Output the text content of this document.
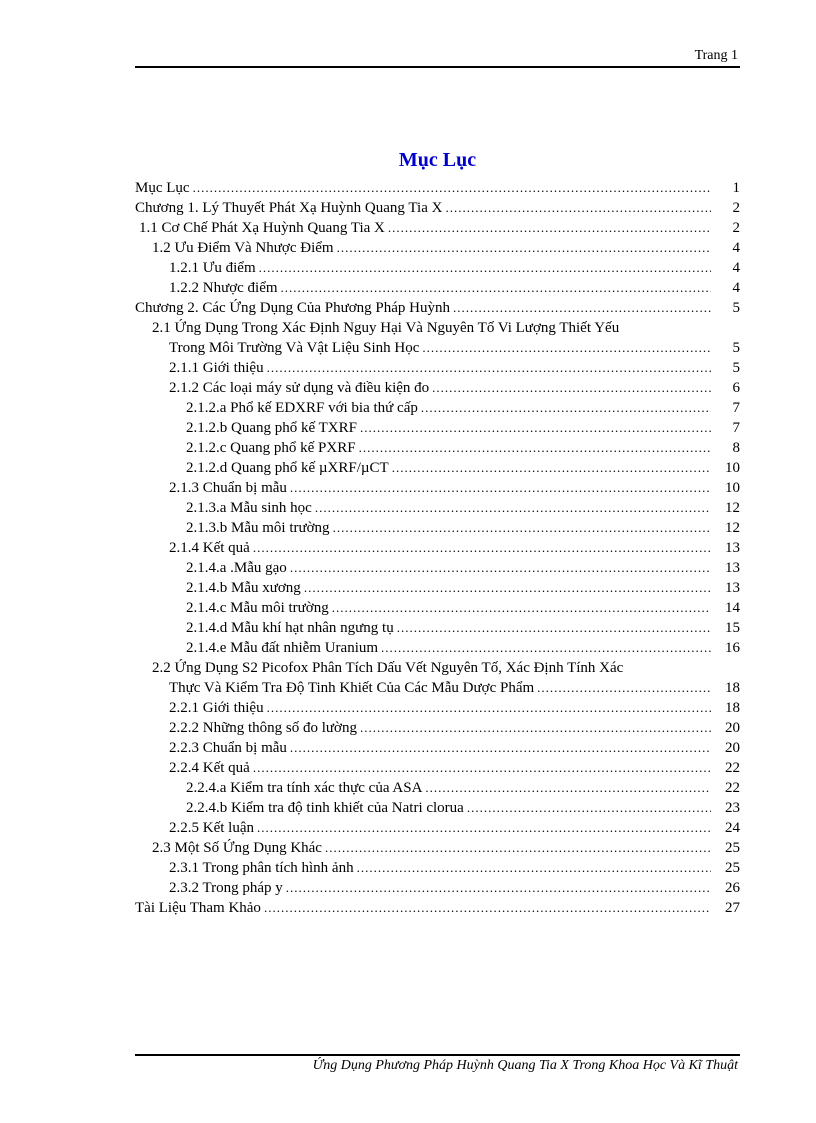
Trang 1
Mục Lục
Mục Lục .....	1
Chương 1. Lý Thuyết Phát Xạ Huỳnh Quang Tia X .....	2
1.1 Cơ Chế Phát Xạ Huỳnh Quang Tia X .....	2
1.2 Ưu Điểm Và Nhược Điểm .....	4
1.2.1 Ưu điểm .....	4
1.2.2 Nhược điểm .....	4
Chương 2. Các Ứng Dụng Của Phương Pháp Huỳnh .....	5
2.1 Ứng Dụng Trong Xác Định Nguy Hại Và Nguyên Tố Vi Lượng Thiết Yếu
Trong Môi Trường Và Vật Liệu Sinh Học .....	5
2.1.1 Giới thiệu .....	5
2.1.2 Các loại máy sử dụng và điều kiện đo .....	6
2.1.2.a Phổ kế EDXRF với bia thứ cấp .....	7
2.1.2.b Quang phổ kế TXRF .....	7
2.1.2.c Quang phổ kế PXRF .....	8
2.1.2.d Quang phổ kế µXRF/µCT .....	10
2.1.3 Chuẩn bị mẫu .....	10
2.1.3.a Mẫu sinh học .....	12
2.1.3.b Mẫu môi trường .....	12
2.1.4 Kết quả .....	13
2.1.4.a .Mẫu gạo .....	13
2.1.4.b Mẫu xương .....	13
2.1.4.c Mẫu môi trường .....	14
2.1.4.d Mẫu khí hạt nhân ngưng tụ .....	15
2.1.4.e Mẫu đất nhiễm Uranium .....	16
2.2 Ứng Dụng S2 Picofox Phân Tích Dấu Vết Nguyên Tố, Xác Định Tính Xác
Thực Và Kiểm Tra Độ Tinh Khiết Của Các Mẫu Dược Phẩm .....	18
2.2.1 Giới thiệu .....	18
2.2.2 Những thông số đo lường .....	20
2.2.3 Chuẩn bị mẫu .....	20
2.2.4 Kết quả .....	22
2.2.4.a Kiểm tra tính xác thực của ASA .....	22
2.2.4.b Kiểm tra độ tinh khiết của Natri clorua .....	23
2.2.5 Kết luận .....	24
2.3 Một Số Ứng Dụng Khác .....	25
2.3.1 Trong phân tích hình ảnh .....	25
2.3.2 Trong pháp y .....	26
Tài Liệu Tham Khảo .....	27
Ứng Dụng Phương Pháp Huỳnh Quang Tia X Trong Khoa Học Và Kĩ Thuật
